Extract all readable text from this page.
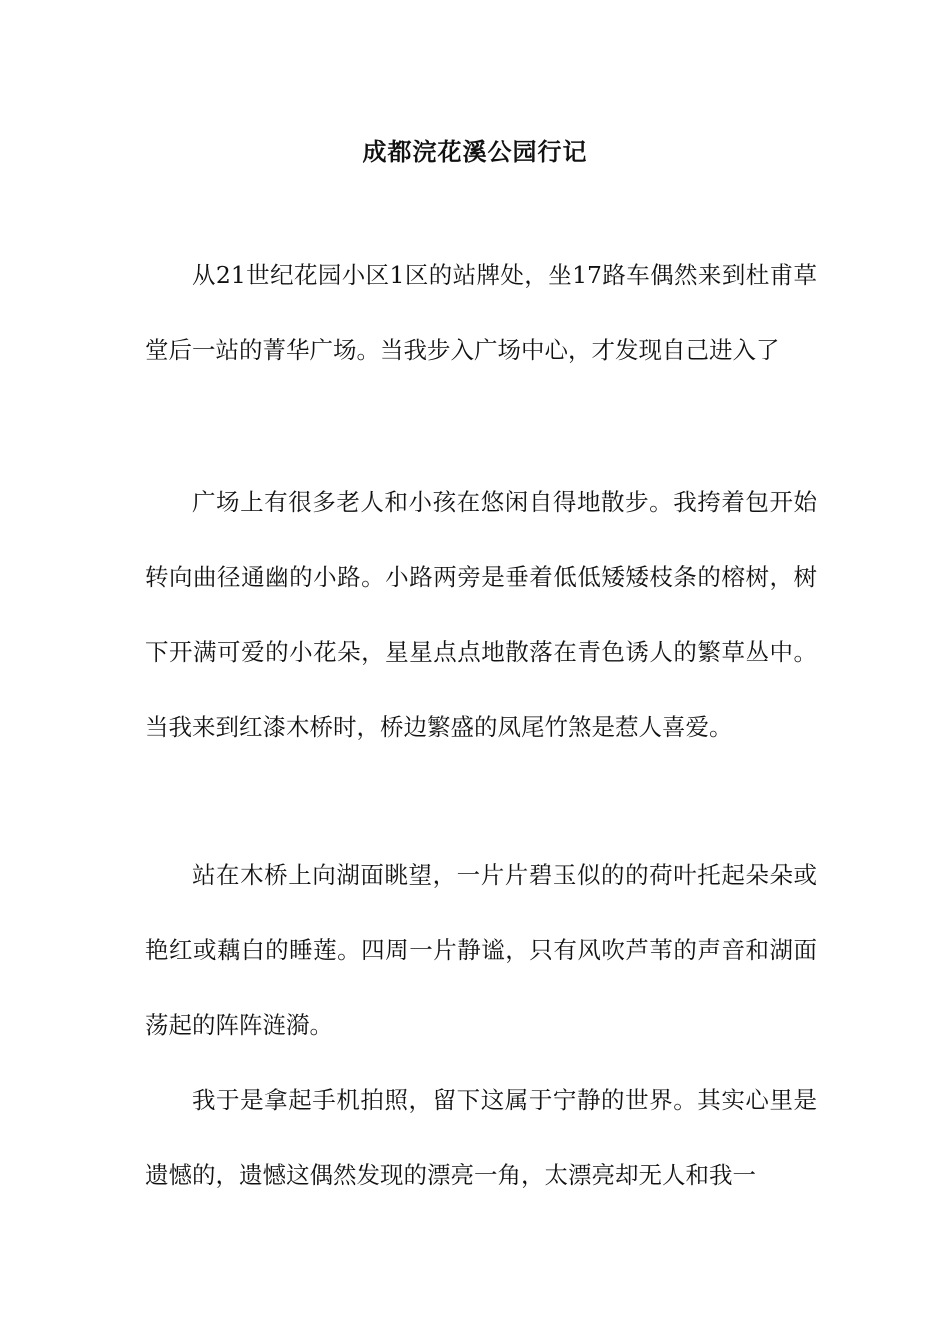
成都浣花溪公园行记

从21世纪花园小区1区的站牌处，坐17路车偶然来到杜甫草堂后一站的菁华广场。当我步入广场中心，才发现自己进入了

广场上有很多老人和小孩在悠闲自得地散步。我挎着包开始转向曲径通幽的小路。小路两旁是垂着低低矮矮枝条的榕树，树下开满可爱的小花朵，星星点点地散落在青色诱人的繁草丛中。当我来到红漆木桥时，桥边繁盛的凤尾竹煞是惹人喜爱。

站在木桥上向湖面眺望，一片片碧玉似的的荷叶托起朵朵或艳红或藕白的睡莲。四周一片静谧，只有风吹芦苇的声音和湖面荡起的阵阵涟漪。

我于是拿起手机拍照，留下这属于宁静的世界。其实心里是遗憾的，遗憾这偶然发现的漂亮一角，太漂亮却无人和我一
